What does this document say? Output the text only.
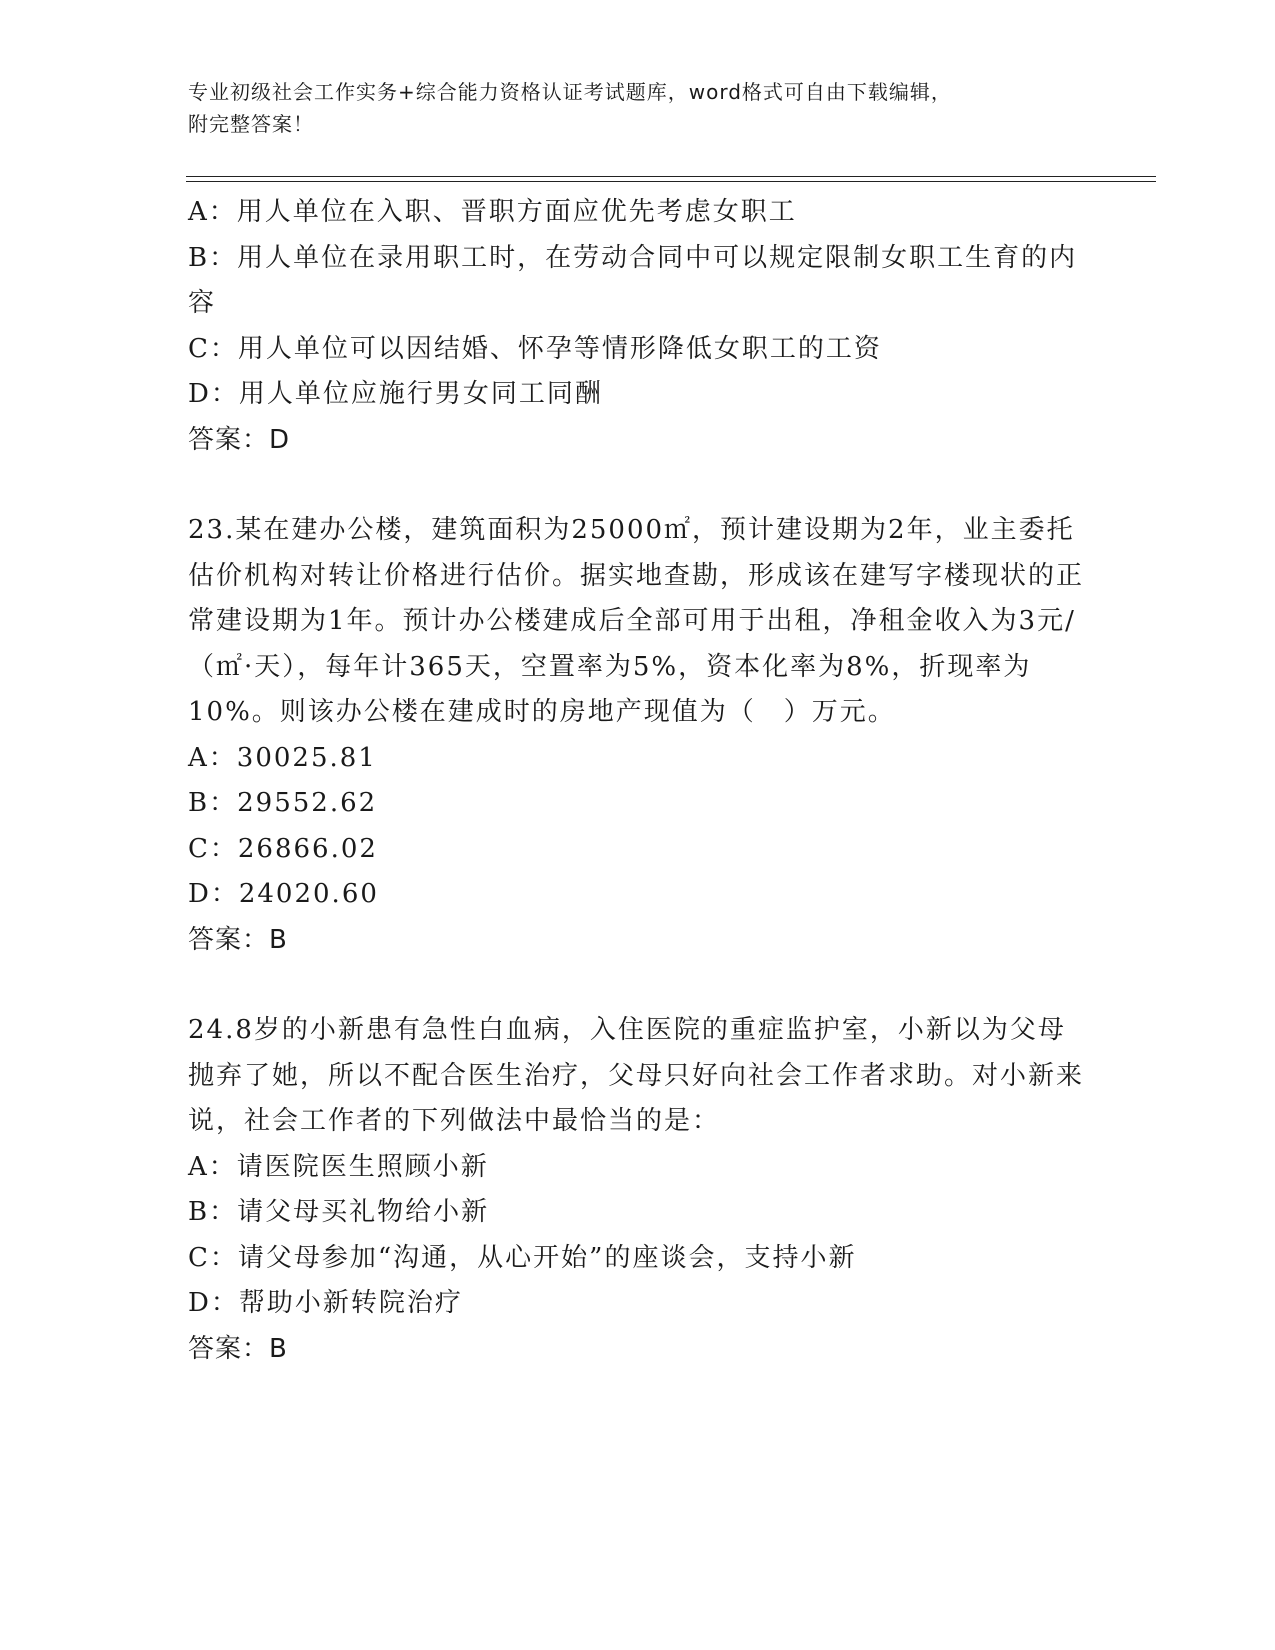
专业初级社会工作实务+综合能力资格认证考试题库，word格式可自由下载编辑，
附完整答案！
A：用人单位在入职、晋职方面应优先考虑女职工
B：用人单位在录用职工时，在劳动合同中可以规定限制女职工生育的内容
C：用人单位可以因结婚、怀孕等情形降低女职工的工资
D：用人单位应施行男女同工同酬
答案：D
23.某在建办公楼，建筑面积为25000㎡，预计建设期为2年，业主委托估价机构对转让价格进行估价。据实地查勘，形成该在建写字楼现状的正常建设期为1年。预计办公楼建成后全部可用于出租，净租金收入为3元/（㎡·天），每年计365天，空置率为5%，资本化率为8%，折现率为10%。则该办公楼在建成时的房地产现值为（　）万元。
A：30025.81
B：29552.62
C：26866.02
D：24020.60
答案：B
24.8岁的小新患有急性白血病，入住医院的重症监护室，小新以为父母抛弃了她，所以不配合医生治疗，父母只好向社会工作者求助。对小新来说，社会工作者的下列做法中最恰当的是：
A：请医院医生照顾小新
B：请父母买礼物给小新
C：请父母参加“沟通，从心开始”的座谈会，支持小新
D：帮助小新转院治疗
答案：B
